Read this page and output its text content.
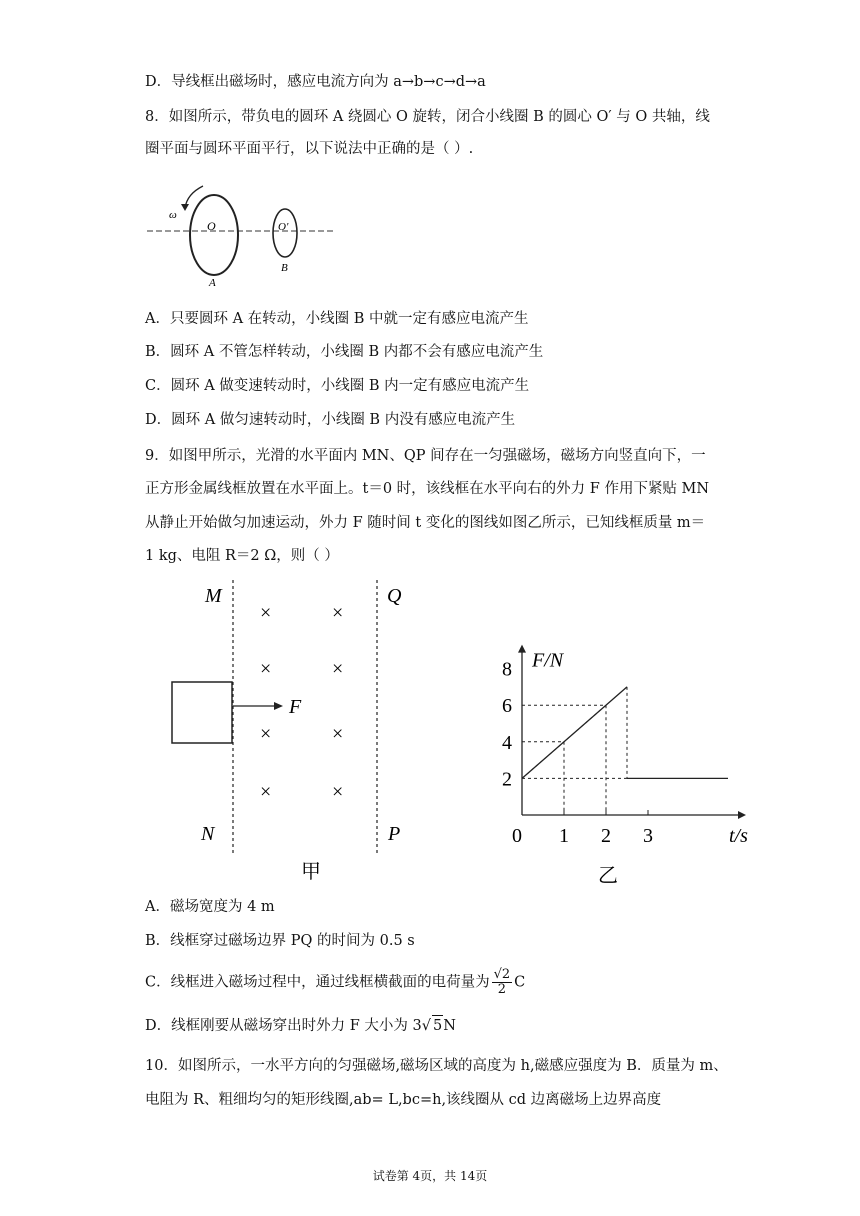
D．导线框出磁场时，感应电流方向为 a→b→c→d→a
8．如图所示，带负电的圆环 A 绕圆心 O 旋转，闭合小线圈 B 的圆心 O′ 与 O 共轴，线
圈平面与圆环平面平行，以下说法中正确的是（ ）.
ω
O	O'
A
B
A．只要圆环 A 在转动，小线圈 B 中就一定有感应电流产生
B．圆环 A 不管怎样转动，小线圈 B 内都不会有感应电流产生
C．圆环 A 做变速转动时，小线圈 B 内一定有感应电流产生
D．圆环 A 做匀速转动时，小线圈 B 内没有感应电流产生
9．如图甲所示，光滑的水平面内 MN、QP 间存在一匀强磁场，磁场方向竖直向下，一
正方形金属线框放置在水平面上。t＝0 时，该线框在水平向右的外力 F 作用下紧贴 MN
从静止开始做匀加速运动，外力 F 随时间 t 变化的图线如图乙所示，已知线框质量 m＝
1 kg、电阻 R＝2 Ω，则（ ）
M
N
Q
P
F
×	×
×	×
×	×
×	×
甲
2
4
6
8
0 1 2 3
F/N
t/s
乙
A．磁场宽度为 4 m
B．线框穿过磁场边界 PQ 的时间为 0.5 s
C．线框进入磁场过程中，通过线框横截面的电荷量为 $\frac{√2}{2}$ C
D．线框刚要从磁场穿出时外力 F 大小为 3√ 5N
10．如图所示，一水平方向的匀强磁场,磁场区域的高度为 h,磁感应强度为 B．质量为 m、
电阻为 R、粗细均匀的矩形线圈,ab= L,bc=h,该线圈从 cd 边离磁场上边界高度
试卷第 4页，共 14页
